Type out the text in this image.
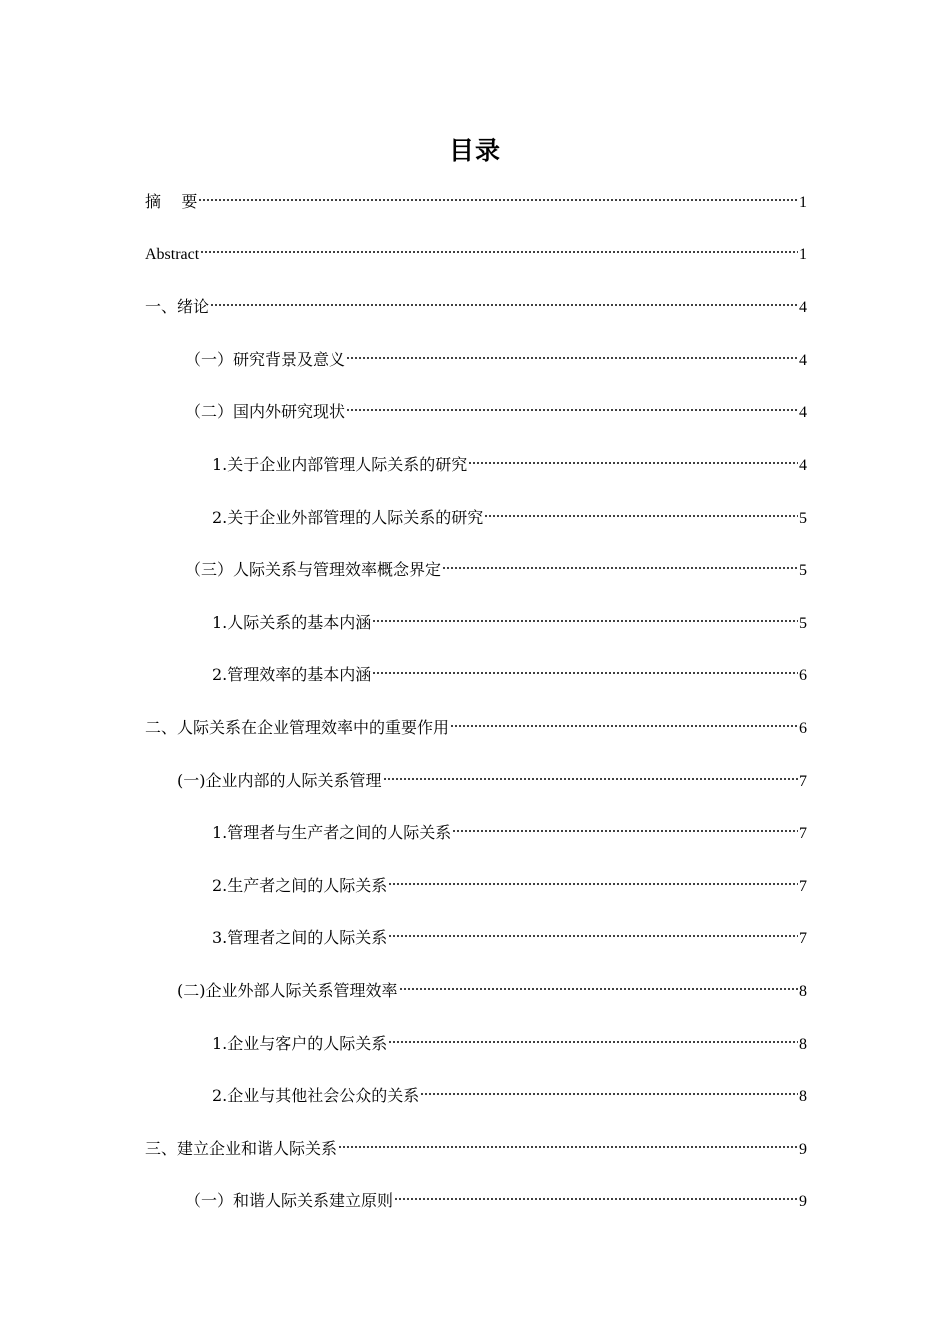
目录
摘    要	1
Abstract	1
一、绪论	4
（一）研究背景及意义	4
（二）国内外研究现状	4
1.关于企业内部管理人际关系的研究	4
2.关于企业外部管理的人际关系的研究	5
（三）人际关系与管理效率概念界定	5
1.人际关系的基本内涵	5
2.管理效率的基本内涵	6
二、人际关系在企业管理效率中的重要作用	6
(一)企业内部的人际关系管理	7
1.管理者与生产者之间的人际关系	7
2.生产者之间的人际关系	7
3.管理者之间的人际关系	7
(二)企业外部人际关系管理效率	8
1.企业与客户的人际关系	8
2.企业与其他社会公众的关系	8
三、建立企业和谐人际关系	9
（一）和谐人际关系建立原则	9
